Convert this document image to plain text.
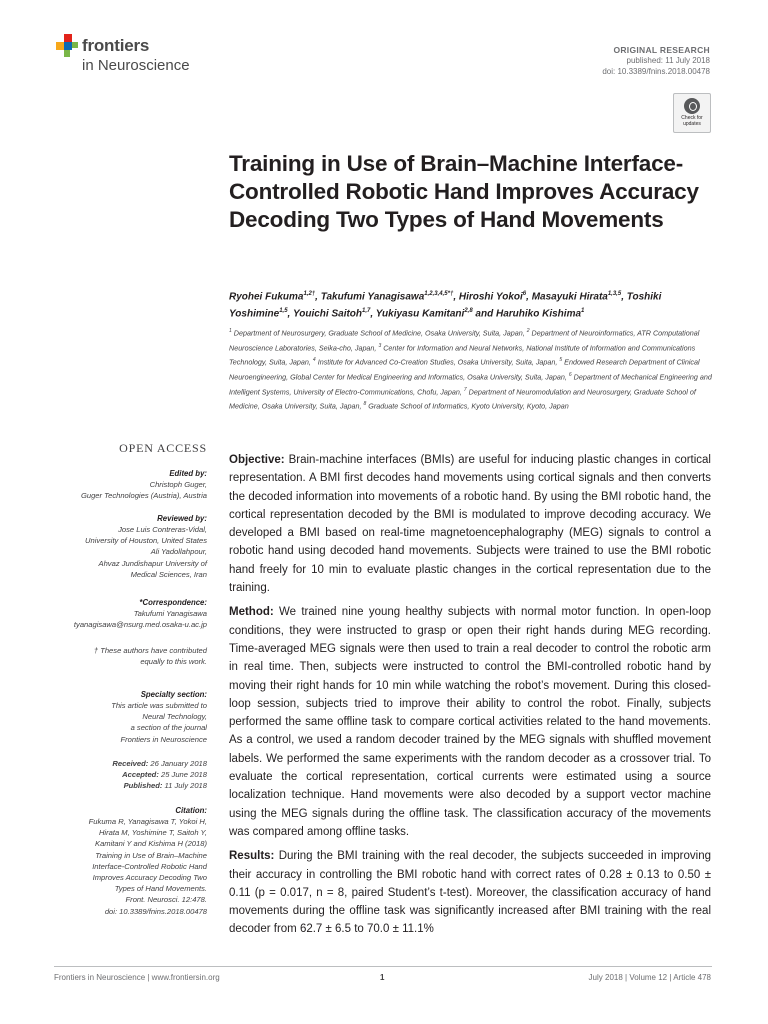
frontiers
in Neuroscience
ORIGINAL RESEARCH
published: 11 July 2018
doi: 10.3389/fnins.2018.00478
Check for
updates
Training in Use of Brain–Machine Interface-Controlled Robotic Hand Improves Accuracy Decoding Two Types of Hand Movements
Ryohei Fukuma$^{1,2\dagger}$, Takufumi Yanagisawa$^{1,2,3,4,5*\dagger}$, Hiroshi Yokoi$^6$, Masayuki Hirata$^{1,3,5}$, Toshiki Yoshimine$^{1,5}$, Youichi Saitoh$^{1,7}$, Yukiyasu Kamitani$^{2,8}$ and Haruhiko Kishima$^1$
$^1$ Department of Neurosurgery, Graduate School of Medicine, Osaka University, Suita, Japan, $^2$ Department of Neuroinformatics, ATR Computational Neuroscience Laboratories, Seika-cho, Japan, $^3$ Center for Information and Neural Networks, National Institute of Information and Communications Technology, Suita, Japan, $^4$ Institute for Advanced Co-Creation Studies, Osaka University, Suita, Japan, $^5$ Endowed Research Department of Clinical Neuroengineering, Global Center for Medical Engineering and Informatics, Osaka University, Suita, Japan, $^6$ Department of Mechanical Engineering and Intelligent Systems, University of Electro-Communications, Chofu, Japan, $^7$ Department of Neuromodulation and Neurosurgery, Graduate School of Medicine, Osaka University, Suita, Japan, $^8$ Graduate School of Informatics, Kyoto University, Kyoto, Japan
OPEN ACCESS
Edited by:
Christoph Guger,
Guger Technologies (Austria), Austria
Reviewed by:
Jose Luis Contreras-Vidal,
University of Houston, United States
Ali Yadollahpour,
Ahvaz Jundishapur University of
Medical Sciences, Iran
*Correspondence:
Takufumi Yanagisawa
tyanagisawa@nsurg.med.osaka-u.ac.jp
† These authors have contributed
equally to this work.
Specialty section:
This article was submitted to
Neural Technology,
a section of the journal
Frontiers in Neuroscience
Received: 26 January 2018
Accepted: 25 June 2018
Published: 11 July 2018
Citation:
Fukuma R, Yanagisawa T, Yokoi H,
Hirata M, Yoshimine T, Saitoh Y,
Kamitani Y and Kishima H (2018)
Training in Use of Brain–Machine
Interface-Controlled Robotic Hand
Improves Accuracy Decoding Two
Types of Hand Movements.
Front. Neurosci. 12:478.
doi: 10.3389/fnins.2018.00478

Objective: Brain-machine interfaces (BMIs) are useful for inducing plastic changes in cortical representation. A BMI first decodes hand movements using cortical signals and then converts the decoded information into movements of a robotic hand. By using the BMI robotic hand, the cortical representation decoded by the BMI is modulated to improve decoding accuracy. We developed a BMI based on real-time magnetoencephalography (MEG) signals to control a robotic hand using decoded hand movements. Subjects were trained to use the BMI robotic hand freely for 10 min to evaluate plastic changes in the cortical representation due to the training.

Method: We trained nine young healthy subjects with normal motor function. In open-loop conditions, they were instructed to grasp or open their right hands during MEG recording. Time-averaged MEG signals were then used to train a real decoder to control the robotic arm in real time. Then, subjects were instructed to control the BMI-controlled robotic hand by moving their right hands for 10 min while watching the robot’s movement. During this closed-loop session, subjects tried to improve their ability to control the robot. Finally, subjects performed the same offline task to compare cortical activities related to the hand movements. As a control, we used a random decoder trained by the MEG signals with shuffled movement labels. We performed the same experiments with the random decoder as a crossover trial. To evaluate the cortical representation, cortical currents were estimated using a source localization technique. Hand movements were also decoded by a support vector machine using the MEG signals during the offline task. The classification accuracy of the movements was compared among offline tasks.

Results: During the BMI training with the real decoder, the subjects succeeded in improving their accuracy in controlling the BMI robotic hand with correct rates of 0.28 ± 0.13 to 0.50 ± 0.11 (p = 0.017, n = 8, paired Student’s t-test). Moreover, the classification accuracy of hand movements during the offline task was significantly increased after BMI training with the real decoder from 62.7 ± 6.5 to 70.0 ± 11.1%

Frontiers in Neuroscience | www.frontiersin.org	1	July 2018 | Volume 12 | Article 478
